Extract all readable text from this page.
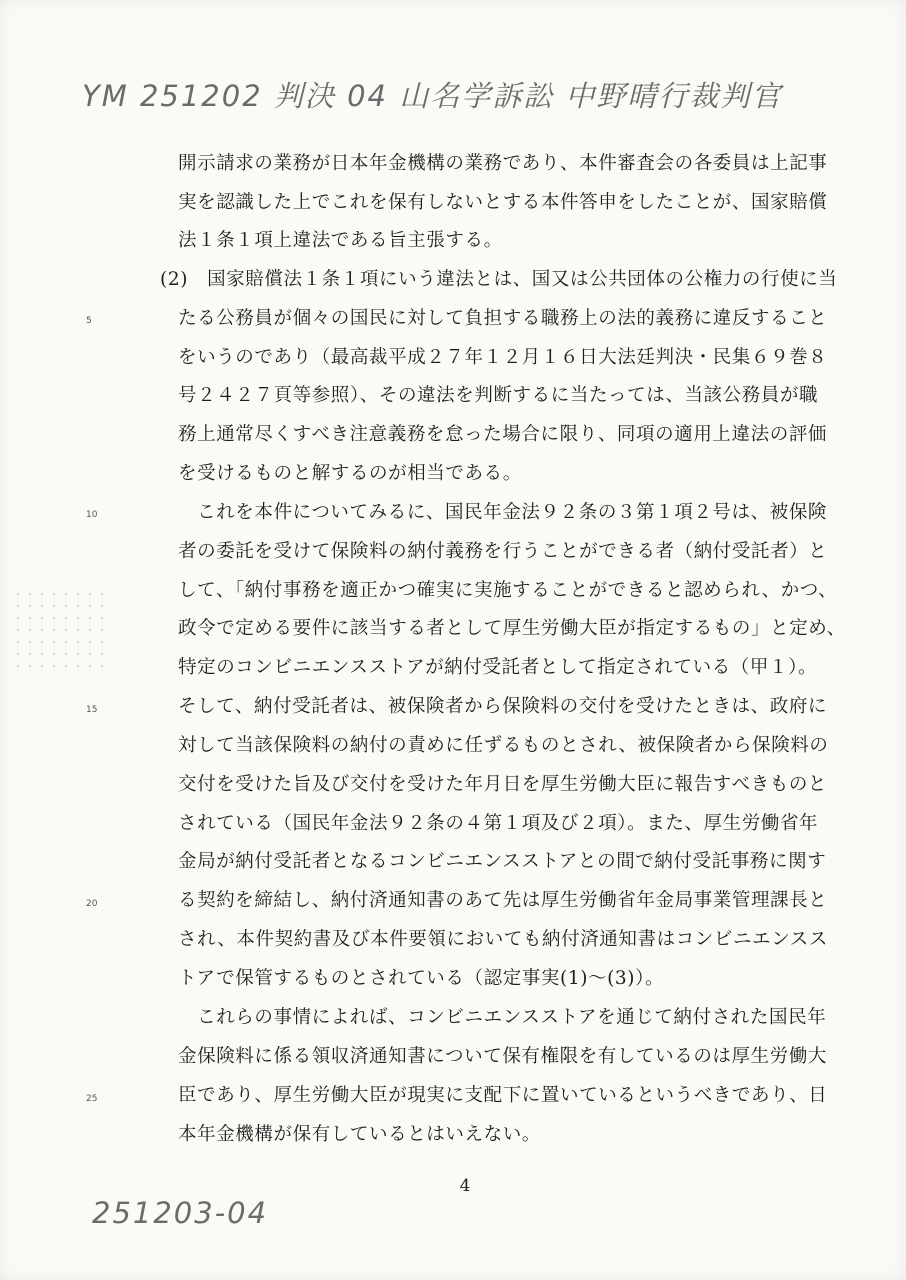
YM 251202 判決 04 山名学訴訟 中野晴行裁判官
開示請求の業務が日本年金機構の業務であり、本件審査会の各委員は上記事
実を認識した上でこれを保有しないとする本件答申をしたことが、国家賠償
法１条１項上違法である旨主張する。
(2)　国家賠償法１条１項にいう違法とは、国又は公共団体の公権力の行使に当
たる公務員が個々の国民に対して負担する職務上の法的義務に違反すること
をいうのであり（最高裁平成２７年１２月１６日大法廷判決・民集６９巻８
号２４２７頁等参照）、その違法を判断するに当たっては、当該公務員が職
務上通常尽くすべき注意義務を怠った場合に限り、同項の適用上違法の評価
を受けるものと解するのが相当である。
　これを本件についてみるに、国民年金法９２条の３第１項２号は、被保険
者の委託を受けて保険料の納付義務を行うことができる者（納付受託者）と
して、「納付事務を適正かつ確実に実施することができると認められ、かつ、
政令で定める要件に該当する者として厚生労働大臣が指定するもの」と定め、
特定のコンビニエンスストアが納付受託者として指定されている（甲１）。
そして、納付受託者は、被保険者から保険料の交付を受けたときは、政府に
対して当該保険料の納付の責めに任ずるものとされ、被保険者から保険料の
交付を受けた旨及び交付を受けた年月日を厚生労働大臣に報告すべきものと
されている（国民年金法９２条の４第１項及び２項）。また、厚生労働省年
金局が納付受託者となるコンビニエンスストアとの間で納付受託事務に関す
る契約を締結し、納付済通知書のあて先は厚生労働省年金局事業管理課長と
され、本件契約書及び本件要領においても納付済通知書はコンビニエンスス
トアで保管するものとされている（認定事実(1)～(3)）。
　これらの事情によれば、コンビニエンスストアを通じて納付された国民年
金保険料に係る領収済通知書について保有権限を有しているのは厚生労働大
臣であり、厚生労働大臣が現実に支配下に置いているというべきであり、日
本年金機構が保有しているとはいえない。
5
10
15
20
25
4
251203-04
